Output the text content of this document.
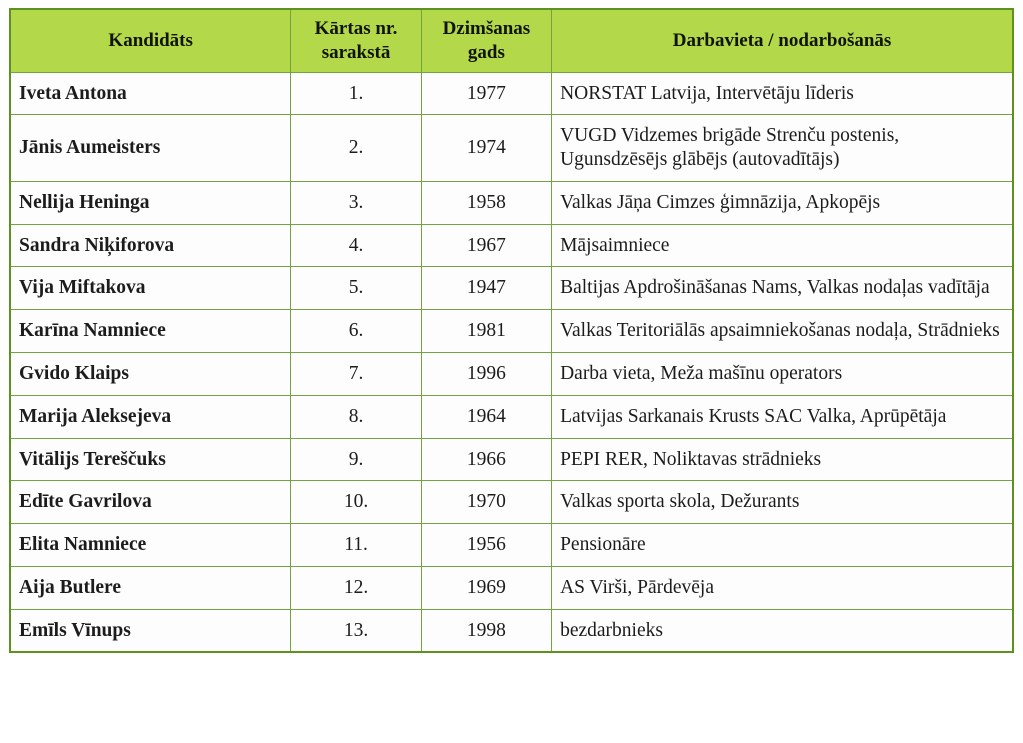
Kandidāts	Kārtas nr. sarakstā	Dzimšanas gads	Darbavieta / nodarbošanās
Iveta Antona	1.	1977	NORSTAT Latvija, Intervētāju līderis
Jānis Aumeisters	2.	1974	VUGD Vidzemes brigāde Strenču postenis, Ugunsdzēsējs glābējs (autovadītājs)
Nellija Heninga	3.	1958	Valkas Jāņa Cimzes ģimnāzija, Apkopējs
Sandra Niķiforova	4.	1967	Mājsaimniece
Vija Miftakova	5.	1947	Baltijas Apdrošināšanas Nams, Valkas nodaļas vadītāja
Karīna Namniece	6.	1981	Valkas Teritoriālās apsaimniekošanas nodaļa, Strādnieks
Gvido Klaips	7.	1996	Darba vieta, Meža mašīnu operators
Marija Aleksejeva	8.	1964	Latvijas Sarkanais Krusts SAC Valka, Aprūpētāja
Vitālijs Tereščuks	9.	1966	PEPI RER, Noliktavas strādnieks
Edīte Gavrilova	10.	1970	Valkas sporta skola, Dežurants
Elita Namniece	11.	1956	Pensionāre
Aija Butlere	12.	1969	AS Virši, Pārdevēja
Emīls Vīnups	13.	1998	bezdarbnieks
